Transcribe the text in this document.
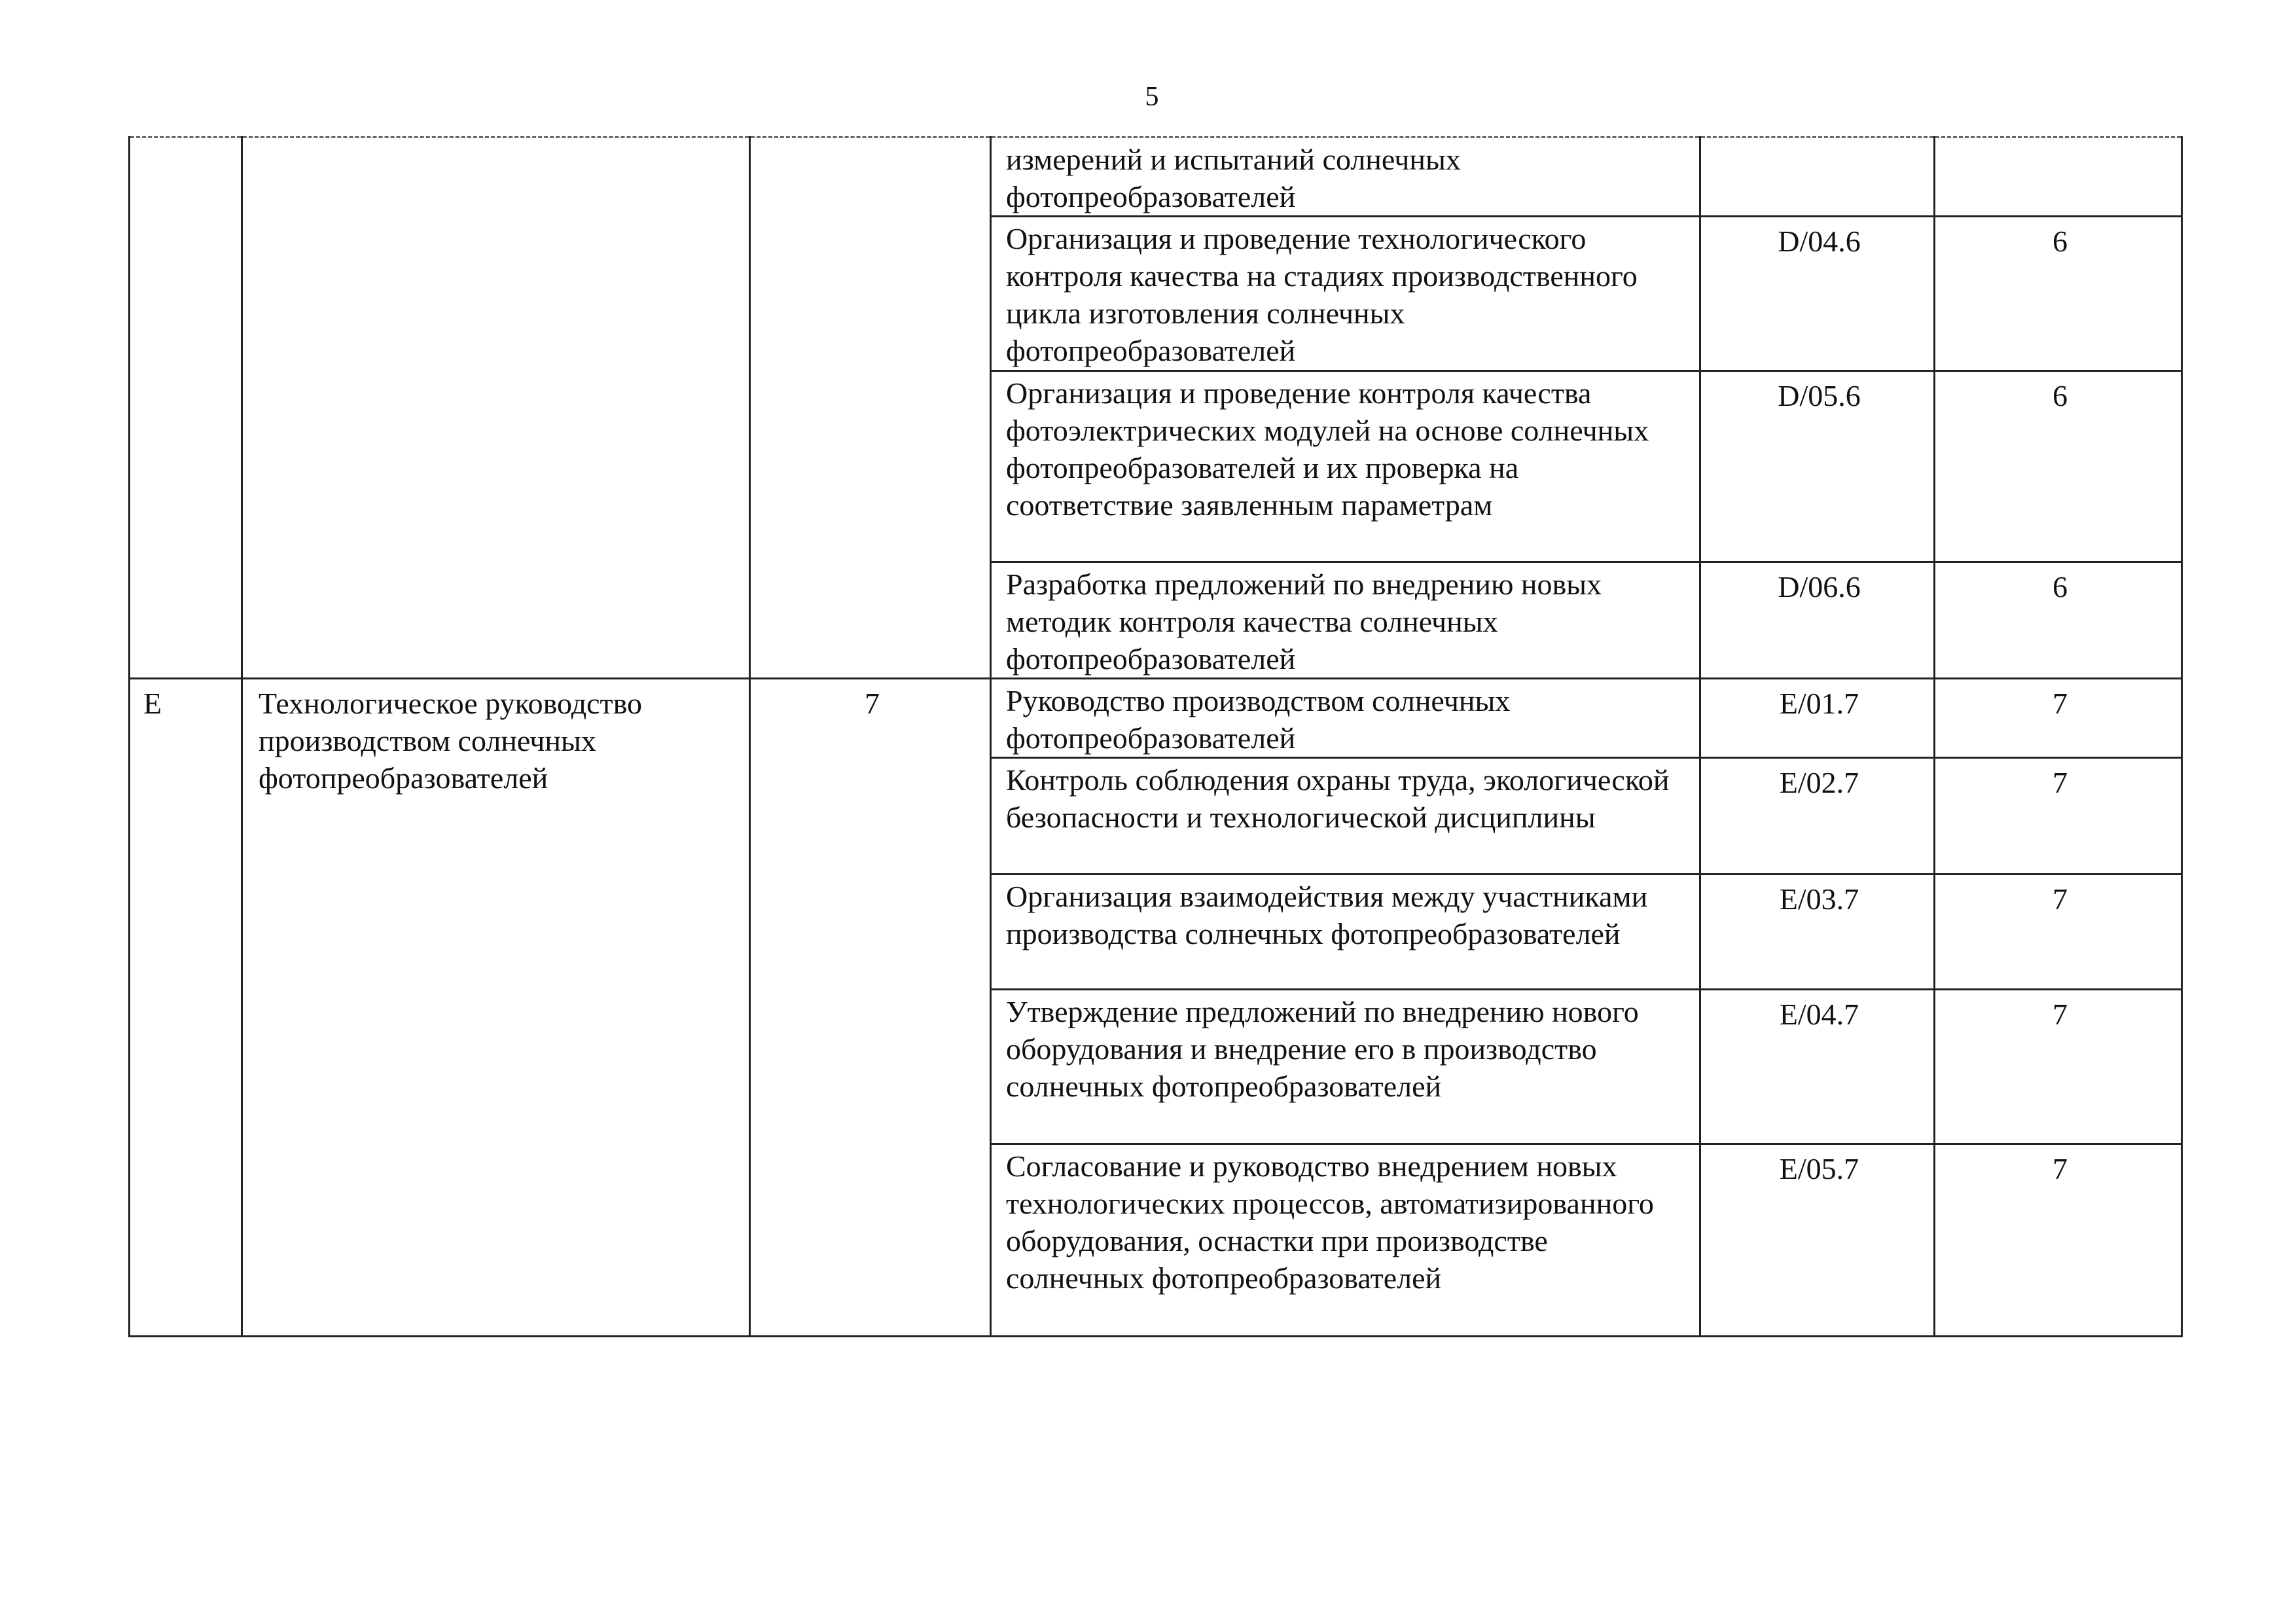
5
			измерений и испытаний солнечных фотопреобразователей		
			Организация и проведение технологического контроля качества на стадиях производственного цикла изготовления солнечных фотопреобразователей	D/04.6	6
			Организация и проведение контроля качества фотоэлектрических модулей на основе солнечных фотопреобразователей и их проверка на соответствие заявленным параметрам	D/05.6	6
			Разработка предложений по внедрению новых методик контроля качества солнечных фотопреобразователей	D/06.6	6
E	Технологическое руководство производством солнечных фотопреобразователей	7	Руководство производством солнечных фотопреобразователей	E/01.7	7
			Контроль соблюдения охраны труда, экологической безопасности и технологической дисциплины	E/02.7	7
			Организация взаимодействия между участниками производства солнечных фотопреобразователей	E/03.7	7
			Утверждение предложений по внедрению нового оборудования и внедрение его в производство солнечных фотопреобразователей	E/04.7	7
			Согласование и руководство внедрением новых технологических процессов, автоматизированного оборудования, оснастки при производстве солнечных фотопреобразователей	E/05.7	7
